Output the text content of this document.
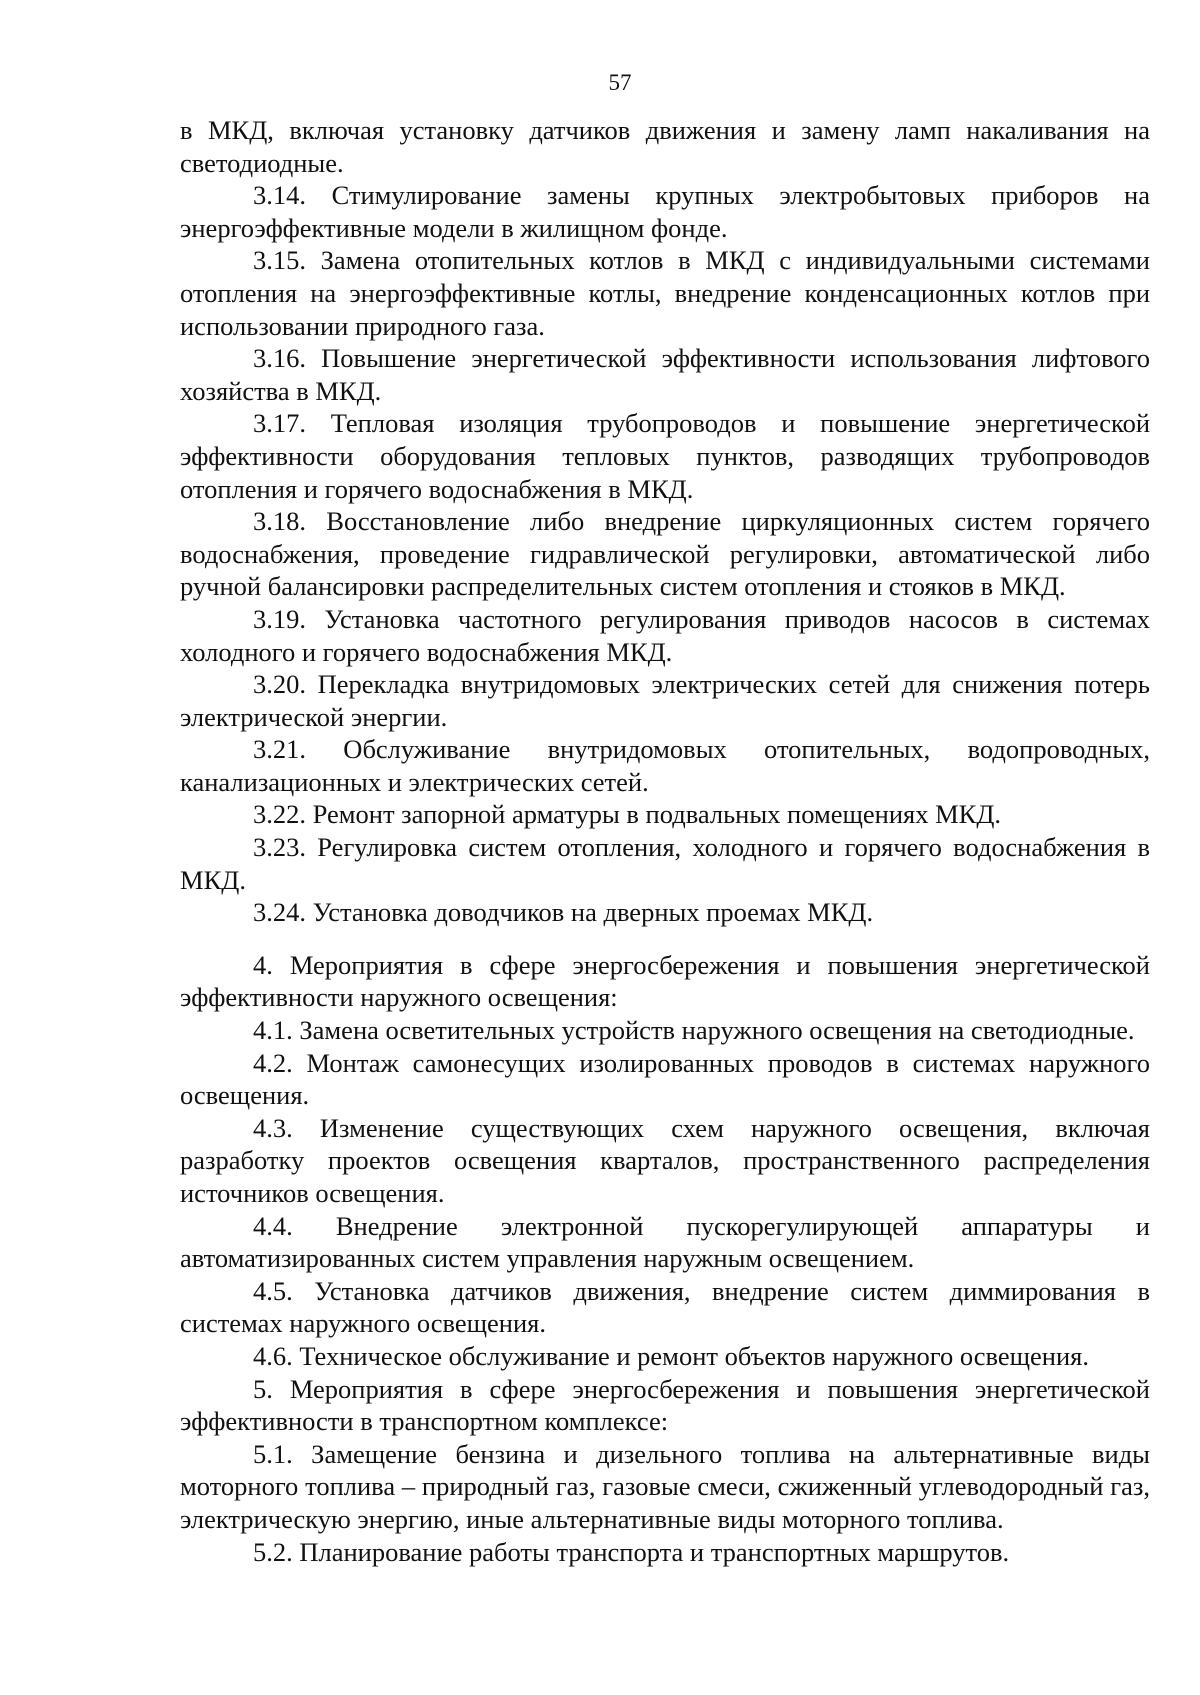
57

в МКД, включая установку датчиков движения и замену ламп накаливания на светодиодные.

3.14. Стимулирование замены крупных электробытовых приборов на энергоэффективные модели в жилищном фонде.

3.15. Замена отопительных котлов в МКД с индивидуальными системами отопления на энергоэффективные котлы, внедрение конденсационных котлов при использовании природного газа.

3.16. Повышение энергетической эффективности использования лифтового хозяйства в МКД.

3.17. Тепловая изоляция трубопроводов и повышение энергетической эффективности оборудования тепловых пунктов, разводящих трубопроводов отопления и горячего водоснабжения в МКД.

3.18. Восстановление либо внедрение циркуляционных систем горячего водоснабжения, проведение гидравлической регулировки, автоматической либо ручной балансировки распределительных систем отопления и стояков в МКД.

3.19. Установка частотного регулирования приводов насосов в системах холодного и горячего водоснабжения МКД.

3.20. Перекладка внутридомовых электрических сетей для снижения потерь электрической энергии.

3.21. Обслуживание внутридомовых отопительных, водопроводных, канализационных и электрических сетей.

3.22. Ремонт запорной арматуры в подвальных помещениях МКД.

3.23. Регулировка систем отопления, холодного и горячего водоснабжения в МКД.

3.24. Установка доводчиков на дверных проемах МКД.

4. Мероприятия в сфере энергосбережения и повышения энергетической эффективности наружного освещения:

4.1. Замена осветительных устройств наружного освещения на светодиодные.

4.2. Монтаж самонесущих изолированных проводов в системах наружного освещения.

4.3. Изменение существующих схем наружного освещения, включая разработку проектов освещения кварталов, пространственного распределения источников освещения.

4.4. Внедрение электронной пускорегулирующей аппаратуры и автоматизированных систем управления наружным освещением.

4.5. Установка датчиков движения, внедрение систем диммирования в системах наружного освещения.

4.6. Техническое обслуживание и ремонт объектов наружного освещения.

5. Мероприятия в сфере энергосбережения и повышения энергетической эффективности в транспортном комплексе:

5.1. Замещение бензина и дизельного топлива на альтернативные виды моторного топлива – природный газ, газовые смеси, сжиженный углеводородный газ, электрическую энергию, иные альтернативные виды моторного топлива.

5.2. Планирование работы транспорта и транспортных маршрутов.
